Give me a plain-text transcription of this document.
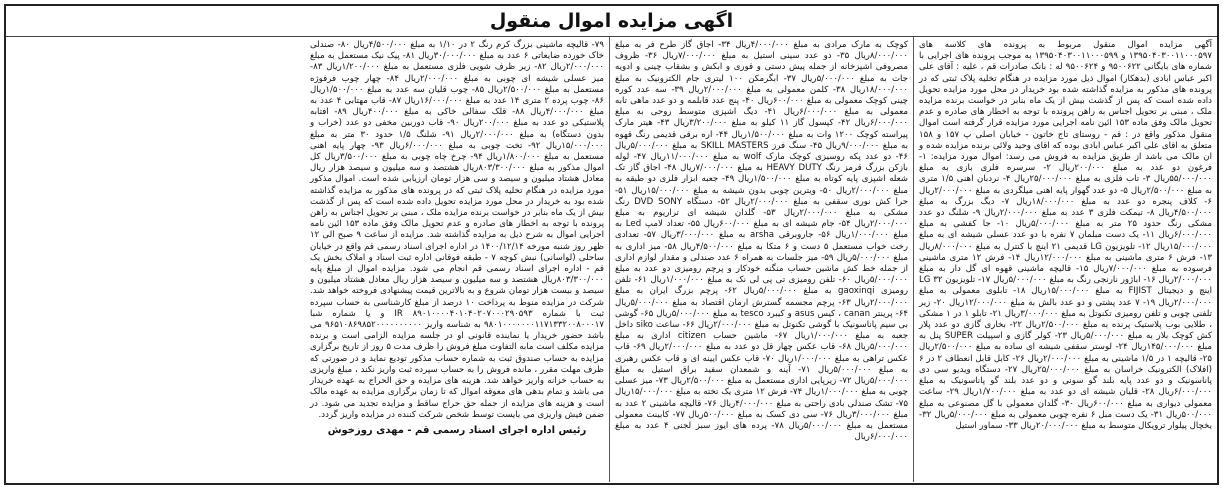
اگهی مزایده اموال منقول

آگهی مزایده اموال منقول مربوط به پرونده های کلاسه های ۱۳۹۵۰۴۰۳۰۰۱۱۰۰۰۵۹۷ و ۱۳۹۵۰۴۰۳۰۰۱۱۰۰۰۵۹۹ به موجب پرونده های اجرایی با شماره های بایگانی ۹۵۰۰۶۲۲ و ۹۵۰۰۶۲۴ له : بانک صادرات قم ، علیه : آقای علی اکبر عباس ابادی (بدهکار) اموال ذیل مورد مزایده در هنگام تخلیه پلاک ثبتی که در پرونده های مذکور به مزایده گذاشته شده بود خریدار در محل مورد مزایده تحویل داده شده است که پس از گذشت بیش از یک ماه بنابر در خواست برنده مزایده ملک ، مبنی بر تحویل اجناس به راهن پرونده با توجه به اخطار های صادره و عدم تحویل مالک وفق ماده ۱۵۳ ائین نامه اجرایی مورد مزایده قرار گرفته است اموال منقول مذکور واقع در : قم - روستای تاج خاتون - خیابان اصلی پ ۱۵۷ و ۱۵۸ متعلق به اقای علی اکبر عباس ابادی بوده که اقای وحید ولائی برنده مزایده شده و ان مالک می باشد از طریق مزایده به فروش می رسد: اموال مورد مزایده: ۱- فرغون دو عدد به مبلغ ۲۰۰/۰۰۰ریال ۲- سرسره فلزی بازی به مبلغ ۵۵/۰۰۰/۰۰۰ریال ۳- تاب فلزی به مبلغ ۲۵/۰۰۰/۰۰۰ریال ۴- نردبان اهنی ۱/۵ متری به مبلغ ۲/۵۰۰/۰۰۰ریال ۵- دو عدد گهوار پایه اهنی میلگردی به مبلغ ۲/۰۰۰/۰۰۰ریال ۶- کلاف پنجره دو عدد به مبلغ ۱۸/۰۰۰/۰۰۰ریال ۷- دیگ بزرگ به مبلغ ۴/۵۰۰/۰۰۰ریال ۸- تیمکت فلزی ۳ عدد به مبلغ ۲/۰۰۰/۰۰۰ریال ۹- شلنگ دو عدد مشکی رنگ حدود ۲۵ متر به مبلغ ۵/۰۰۰/۰۰۰ریال ۱۰- جا کفشی به مبلغ ۶/۰۰۰/۰۰۰ریال ۱۱- یک دست مبلمان ۷ نفره با دو عدد عسلی شیشه ای به مبلغ ۱۵/۰۰۰/۰۰۰ریال ۱۲- تلویزیون LG قدیمی ۲۱ اینچ با کنترل به مبلغ ۸/۰۰۰/۰۰۰ریال ۱۳- فرش ۶ متری ماشینی به مبلغ ۱۲/۰۰۰/۰۰۰ریال ۱۴- فرش ۱۲ متری ماشینی فرسوده به مبلغ ۷/۰۰۰/۰۰۰ریال ۱۵- قالیچه ماشینی قهوه ای گل دار به مبلغ ۲/۰۰۰/۰۰۰ریال ۱۶- اباژور نارنجی رنگ به مبلغ ۵/۰۰۰/۰۰۰ریال ۱۷- تلویزیون LG ۳۲ اینچ و دیجیتال FIJIST به مبلغ ۱۵/۰۰۰/۰۰۰ریال ۱۸- تابلوی معمولی به مبلغ ۲/۰۰۰/۰۰۰ریال ۱۹- ۷ عدد پشتی و دو عدد بالش به مبلغ ۱۲/۰۰۰/۰۰۰ریال ۲۰- زیر تلفنی چوبی و تلفن رومیزی تکنوتل به مبلغ ۳/۰۰۰/۰۰۰ریال ۲۱- تابلو ۱ در ۱ مشکی ، طلایی بوب پلاستیک پرنده به مبلغ ۲/۵۰۰/۰۰۰ریال ۲۲- بخاری گازی دو عدد پلار کش کوچک بلار به مبلغ ۵/۰۰۰/۰۰۰ریال ۲۳- کولر گازی و اسپیلت SUPER پنل به مبلغ ۱۴۵/۰۰۰/۰۰۰ریال ۲۴- لوستر سقفی شیشه ای ساده به مبلغ ۲/۵۰۰/۰۰۰ریال ۲۵- قالیچه ۱ در ۱/۵ ماشینی به مبلغ ۲/۰۰۰/۰۰۰ریال ۲۶- کابل قابل انعطاف ۲ در ۶ (افلاک) الکترونیک خراسان به مبلغ ۲۵/۰۰۰/۰۰۰ریال ۲۷- دستگاه ویدیو سی دی پاناسونیک و دو عدد پایه بلند گو سونی و دو عدد بلند گو پاناسونیک به مبلغ ۶/۰۰۰/۰۰۰ریال ۲۸- قلیان شیشه ای دو عدد به مبلغ ۱/۷۰۰/۰۰۰ریال ۲۹- ساعت معمولی دیواری به مبلغ ۶۰۰/۰۰۰ریال ۳۰- گلدان معمولی با گل مصنوعی به مبلغ ۵۰۰/۰۰۰ریال ۳۱- یک دست مبل ۶ نفره چوبی معمولی به مبلغ ۵/۰۰۰/۰۰۰ریال ۳۲- یخچال پیلوار ترویکال متوسط به مبلغ ۲۰/۰۰۰/۰۰۰ریال ۳۳- سماور استیل

کوچک به مارک مرادی به مبلغ ۴/۰۰۰/۰۰۰ریال ۳۴- اجاق گاز طرح فر به مبلغ ۸/۰۰۰/۰۰۰ریال ۳۵- دو عدد سینی استیل به مبلغ ۷/۰۰۰/۰۰۰ریال ۳۶- ظروف مصروفی اشپزخانه از جمله پیش دستی و قوری و ابکش و بشقاب چینی و ادویه جات به مبلغ ۵/۰۰۰/۰۰۰ریال ۳۷- ابگرمکن ۱۰۰ لیتری جام الکترونیک به مبلغ ۱۸/۰۰۰/۰۰۰ریال ۳۸- کلمن معمولی به مبلغ ۲/۰۰۰/۰۰۰ریال ۳۹- سه عدد کوره چینی کوچک معمولی به مبلغ ۶۰۰/۰۰۰ریال ۴۰- پنج عدد قابلمه و دو عدد ماهی تابه معمولی به مبلغ ۶/۰۰۰/۰۰۰ریال ۴۱- دیگ اشپزی متوسط روحی به مبلغ ۶/۰۰۰/۰۰۰ریال ۴۲- کپسول گاز ۱۱ کیلو به مبلغ ۳/۲۰۰/۰۰۰ریال ۴۳- هیتر مارک پیراسته کوچک ۱۲۰۰ وات به مبلغ ۱/۵۰۰/۰۰۰ریال ۴۴- اره برقی قدیمی رنگ قهوه به مبلغ ۹/۰۰۰/۰۰۰ریال ۴۵- سنگ فرز SKILL MASTERS به مبلغ ۵/۰۰۰/۰۰۰ریال ۴۶- دو عدد پکه روسیزی کوچک مارک wolf به مبلغ ۱۱/۰۰۰/۰۰۰ریال ۴۷- لوله بازکن بزرگ قرمز رنگ HEAVY DUTY به مبلغ ۷/۰۰۰/۰۰۰ریال ۴۸- اجاق گاز تک شعله اشپزی پایه کوتاه به مبلغ ۱/۵۰۰/۰۰۰ریال ۴۹- جعبه ابزار فلزی دو طبقه به مبلغ ۲/۰۰۰/۰۰۰ریال ۵۰- ویترین چوبی بدون شیشه به مبلغ ۱۵/۰۰۰/۰۰۰ریال ۵۱- حرا کش نوری سقفی به مبلغ ۲/۰۰۰/۰۰۰ریال ۵۲- دستگاه DVD SONY رنگ مشکی به مبلغ ۲/۰۰۰/۰۰۰ریال ۵۳- گلدان شیشه ای تراریوم به مبلغ ۲/۰۰۰/۰۰۰ریال ۵۴- جام شیشه ای به مبلغ ۶۰۰/۰۰۰ریال ۵۵- تعداد لامپ Led به مبلغ ۱/۰۰۰/۰۰۰ریال ۵۶- جاروبرقی arsha به مبلغ ۳/۰۰۰/۰۰۰ریال ۵۷- تعدادی رخت خواب مستعمل ۵ دست و ۶ متکا به مبلغ ۴/۵۰۰/۰۰۰ریال ۵۸- میز اداری به مبلغ ۵/۰۰۰/۰۰۰ریال ۵۹- میز جلسات به همراه ۶ عدد صندلی و مقدار لوازم اداری از جمله خط کش ماشین حساب منگنه خودکار و پرچم رومیزی دو عدد به مبلغ ۵/۰۰۰/۰۰۰ریال ۶۰- تلفن رومیزی تی پی لی نک به مبلغ ۱/۰۰۰/۰۰۰ریال ۶۱- تلفن رومیزی gaoxinqi به مبلغ ۵/۰۰۰/۰۰۰ریال ۶۲- پرچم بزرگ ایران به مبلغ ۲/۰۰۰/۰۰۰ریال ۶۳- پرچم مجسمه گسترش ارمان اقتصاد به مبلغ ۵/۰۰۰/۰۰۰ریال ۶۴- پرینتر canan ، کیس asus و کیبرد tesco به مبلغ ۵/۰۰۰/۰۰۰ریال ۶۵- گوشی بی سیم پاناسونیک با گوشی تکنوتل به مبلغ ۲/۰۰۰/۰۰۰ریال ۶۶- ساعت siko داخل جعبه به مبلغ ۱/۰۰۰/۰۰۰ریال ۶۷- ماشین حساب citizen اداری به مبلغ ۵/۰۰۰/۰۰۰ریال ۶۸- قاب عکس چهار قل دو عدد به مبلغ ۲/۰۰۰/۰۰۰ریال ۶۹- قاب عکس تراهی به مبلغ ۱/۰۰۰/۰۰۰ریال ۷۰- قاب عکس ایینه ای و قاب عکس رهبری به مبلغ ۵/۰۰۰/۰۰۰ریال ۷۱- آینه و شمعدان سفید براق استیل به مبلغ ۵/۰۰۰/۰۰۰ریال ۷۲- زیرپایی اداری مستعمل به مبلغ ۲/۵۰۰/۰۰۰ریال ۷۳- میز عسلی چوبی به مبلغ ۱/۰۰۰/۰۰۰ریال ۷۴- فرش ۱۲ متری یک تخته به مبلغ ۱۵/۰۰۰/۰۰۰ریال ۷۵- تشک صندلی بادی راحتی به مبلغ ۴/۰۰۰/۰۰۰ریال ۷۶- قالیچه ماشینی ۲ عدد به مبلغ ۳/۰۰۰/۰۰۰ریال ۷۶- سی دی کسک به مبلغ ۵۰۰/۰۰۰ریال ۷۷- کابینت معمولی مستعمل به مبلغ ۵/۰۰۰/۰۰۰ریال ۷۸- پرده های ایوز سبز لجنی ۴ عدد به مبلغ ۶/۰۰۰/۰۰۰ریال

۷۹- قالیچه ماشینی بزرگ کرم رنگ ۲ در ۱/۱۰ به مبلغ ۴/۵۰۰/۰۰۰ریال ۸۰- صندلی خاک خورده ضایعاتی ۶ عدد به مبلغ ۳۰/۰۰۰/۰۰۰ریال ۸۱- پیک نیک مستعمل به مبلغ ۲/۰۰۰/۰۰۰ریال ۸۲- زیر ظرف شویی فلزی مستعمل به مبلغ ۱/۲۰۰/۰۰۰ریال ۸۳- میز عسلی شیشه ای چوبی به مبلغ ۲/۰۰۰/۰۰۰ریال ۸۴- چهار چوب فرفوژه مستعمل به مبلغ ۲/۵۰۰/۰۰۰ریال ۸۵- چوب قلیان سه عدد به مبلغ ۱/۵۰۰/۰۰۰ریال ۸۶- چوب پرده ۲ متری ۱۴ عدد به مبلغ ۱۶/۰۰۰/۰۰۰ریال ۸۷- قاب مهتابی ۴ عدد به مبلغ ۴/۰۰۰/۰۰۰ریال ۸۸- قلک سفالی خاکی به مبلغ ۴۰۰/۰۰۰ریال ۸۹- افتابه پلاستیکی دو عدد به مبلغ ۲۰۰/۰۰۰ریال ۹۰- قاب دوربین مخفی دو عدد (خراب و بدون دستگاه) به مبلغ ۲/۰۰۰/۰۰۰ریال ۹۱- شلنگ ۱/۵ حدود ۳۰ متر به مبلغ ۱۵/۰۰۰/۰۰۰ریال ۹۲- تخت چوبی به مبلغ ۶/۰۰۰/۰۰۰ریال ۹۳- چهار پایه اهنی مستعمل به مبلغ ۱/۸۰۰/۰۰۰ریال ۹۴- چرخ چاه چوبی به مبلغ ۳/۵۰۰/۰۰۰ریال کل اموال مذکور به مبلغ ۸۰۳/۳۰۰/۰۰۰ریال هشتصد و سه میلیون و سیصد هزار ریال معادل هشتاد میلیون و سیصد و سی هزار تومان ارزیابی شده است. اموال مذکور مورد مزایده در هنگام تخلیه پلاک ثبتی که در پرونده های مذکور به مزایده گذاشته شده بود به خریدار در محل مورد مزایده تحویل داده شده است که پس از گذشت بیش از یک ماه بنابر در خواست برنده مزایده ملک ، مبنی بر تحویل اجناس به راهن پرونده با توجه به اخطار های صادره و عدم تحویل مالک وفق ماده ۱۵۳ ائین نامه اجرایی اموال به شرح ذیل به مزایده گذاشته شد. مزایده از ساعت ۹ صبح الی ۱۲ ظهر روز شنبه مورخه ۱۴۰۰/۱۲/۱۴ در اداره اجرای اسناد رسمی قم واقع در خیابان ساحلی (لواسانی) نبش کوچه ۷ - طبقه فوقانی اداره ثبت اسناد و املاک بخش یک قم - اداره اجرای اسناد رسمی قم انجام می شود. مزایده اموال از مبلغ پایه ۸۰۳/۳۰۰/۰۰۰ریال هشتصد و سه میلیون و سیصد هزار ریال معادل هشتاد میلیون و سیصد و بیست هزار تومان شروع و به بالاترین قیمت پیشنهادی فروخته خواهد شد. شرکت در مزایده منوط به پرداخت ۱۰ درصد از مبلغ کارشناسی به حساب سپرده ثبت با شماره IR ۸۹۰۱۰۰۰۰۴۰۱۰۴۰۲۰۷۰۰۰۲۹۰۵۹۳ و یا شماره شبا ۹۸۰۱۰۰۰۰۰۰۰۱۱۷۱۳۳۲۰۰۸۰۰۰۱۷ به شناسه واریز ۹۶۵۱۰۸۶۹۸۵۲۰۰۰۰۰۰۰۰۰۰ می باشد حضور خریدار یا نماینده قانونی او در جلسه مزایده الزامی است و برنده مزایده مکلف است مابه التفاوت مبلغ فروش را ظرف مدت ۵ روز از تاریخ برگزاری مزایده به حساب صندوق ثبت به شماره حساب مذکور تودیع نماید و در صورتی که ظرف مهلت مقرر ، مانده فروش را به حساب سپرده ثبت واریز نکند ، مبلغ واریزی به حساب خزانه واریز خواهد شد. هزینه های مزایده و حق الحراج به عهده خریدار می باشد و تمام بدهی های معوقه اموال که تا زمان برگزاری مزایده به عهده مالک است و هزینه های مزایده از جمله حق حراج ساقط و مزایده تجدید می شود. در ضمن فیش واریزی می بایست توسط شخص شرکت کننده در مزایده واریز گردد.

رئیس اداره اجرای اسناد رسمی قم - مهدی روزخوش
